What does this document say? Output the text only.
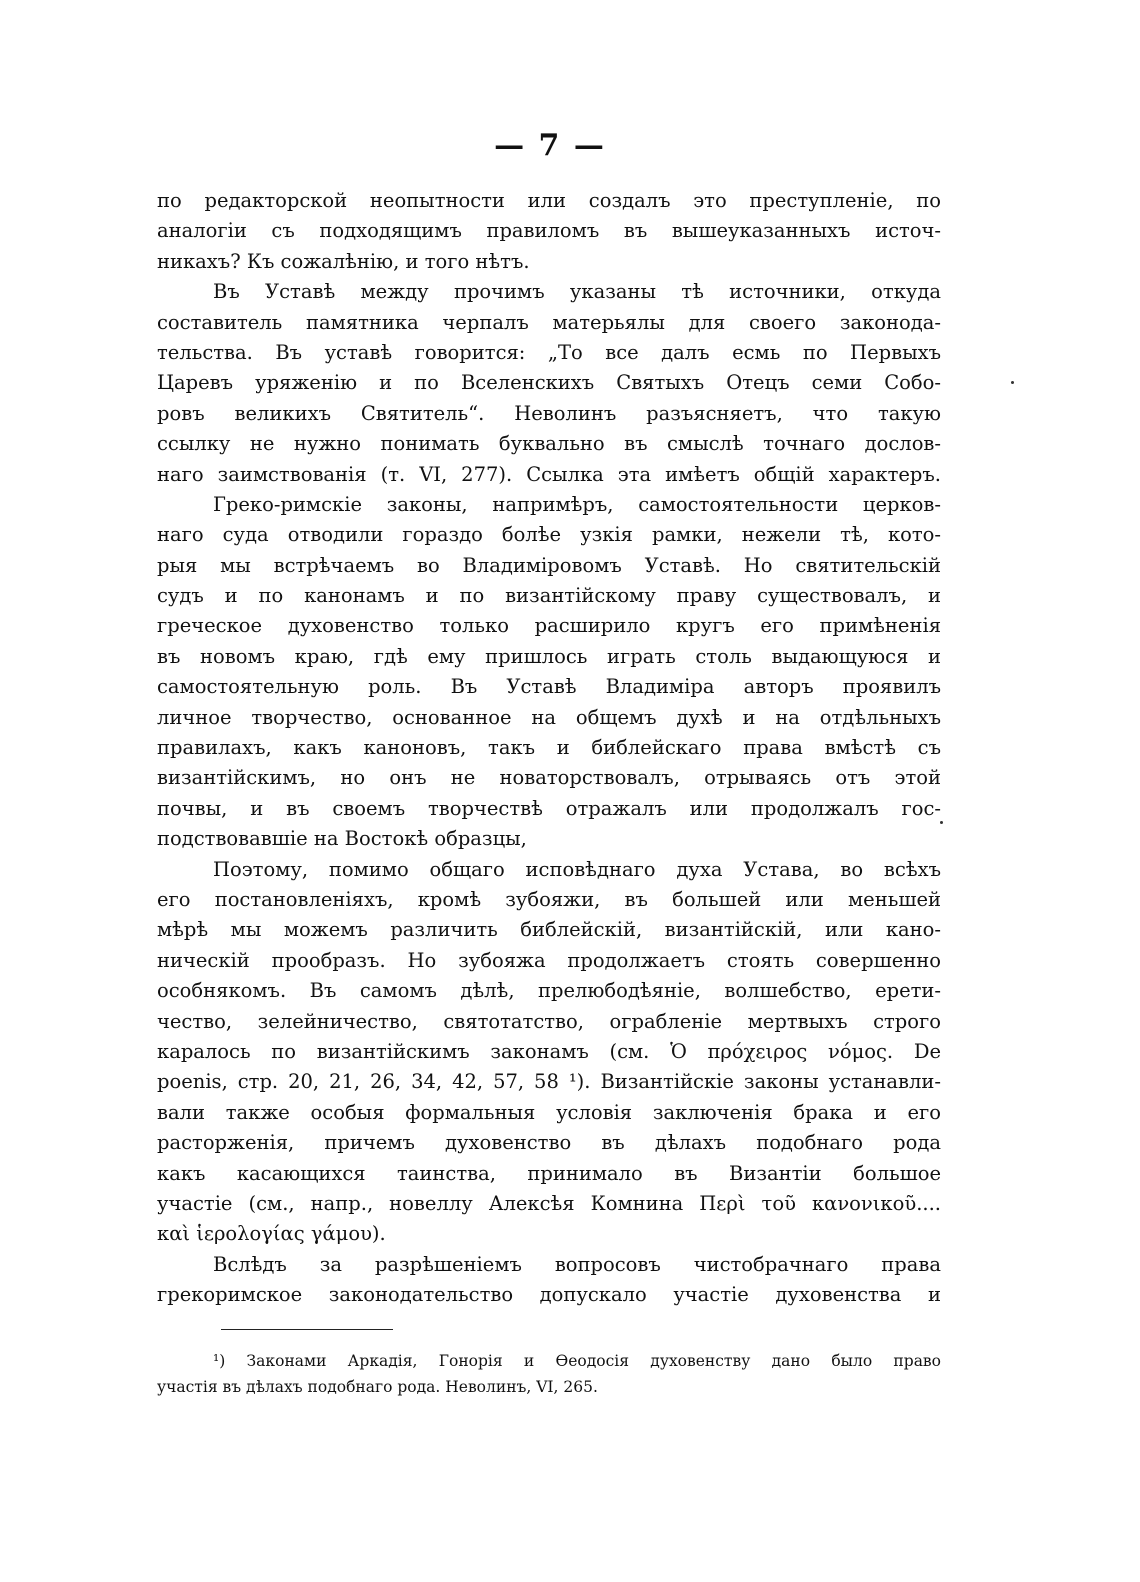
— 7 —
по редакторской неопытности или создалъ это преступленіе, по
аналогіи съ подходящимъ правиломъ въ вышеуказанныхъ источ-
никахъ? Къ сожалѣнію, и того нѣтъ.
Въ Уставѣ между прочимъ указаны тѣ источники, откуда
составитель памятника черпалъ матерьялы для своего законода-
тельства. Въ уставѣ говорится: „То все далъ есмь по Первыхъ
Царевъ уряженію и по Вселенскихъ Святыхъ Отецъ семи Собо-
ровъ великихъ Святитель“. Неволинъ разъясняетъ, что такую
ссылку не нужно понимать буквально въ смыслѣ точнаго дослов-
наго заимствованія (т. VI, 277). Ссылка эта имѣетъ общій характеръ.
Греко-римскіе законы, напримѣръ, самостоятельности церков-
наго суда отводили гораздо болѣе узкія рамки, нежели тѣ, кото-
рыя мы встрѣчаемъ во Владиміровомъ Уставѣ. Но святительскій
судъ и по канонамъ и по византійскому праву существовалъ, и
греческое духовенство только расширило кругъ его примѣненія
въ новомъ краю, гдѣ ему пришлось играть столь выдающуюся и
самостоятельную роль. Въ Уставѣ Владиміра авторъ проявилъ
личное творчество, основанное на общемъ духѣ и на отдѣльныхъ
правилахъ, какъ каноновъ, такъ и библейскаго права вмѣстѣ съ
византійскимъ, но онъ не новаторствовалъ, отрываясь отъ этой
почвы, и въ своемъ творчествѣ отражалъ или продолжалъ гос-
подствовавшіе на Востокѣ образцы,
Поэтому, помимо общаго исповѣднаго духа Устава, во всѣхъ
его постановленіяхъ, кромѣ зубояжи, въ большей или меньшей
мѣрѣ мы можемъ различить библейскій, византійскій, или кано-
ническій прообразъ. Но зубояжа продолжаетъ стоять совершенно
особнякомъ. Въ самомъ дѣлѣ, прелюбодѣяніе, волшебство, ерети-
чество, зелейничество, святотатство, ограбленіе мертвыхъ строго
каралось по византійскимъ законамъ (см. Ὁ πρόχειρος νόμος. De
poenis, стр. 20, 21, 26, 34, 42, 57, 58 ¹). Византійскіе законы устанавли-
вали также особыя формальныя условія заключенія брака и его
расторженія, причемъ духовенство въ дѣлахъ подобнаго рода
какъ касающихся таинства, принимало въ Византіи большое
участіе (см., напр., новеллу Алексѣя Комнина Περὶ τοῦ κανονικοῦ....
καὶ ἱερολογίας γάμου).
Вслѣдъ за разрѣшеніемъ вопросовъ чистобрачнаго права
грекоримское законодательство допускало участіе духовенства и
¹) Законами Аркадія, Гонорія и Ѳеодосія духовенству дано было право
участія въ дѣлахъ подобнаго рода. Неволинъ, VI, 265.
